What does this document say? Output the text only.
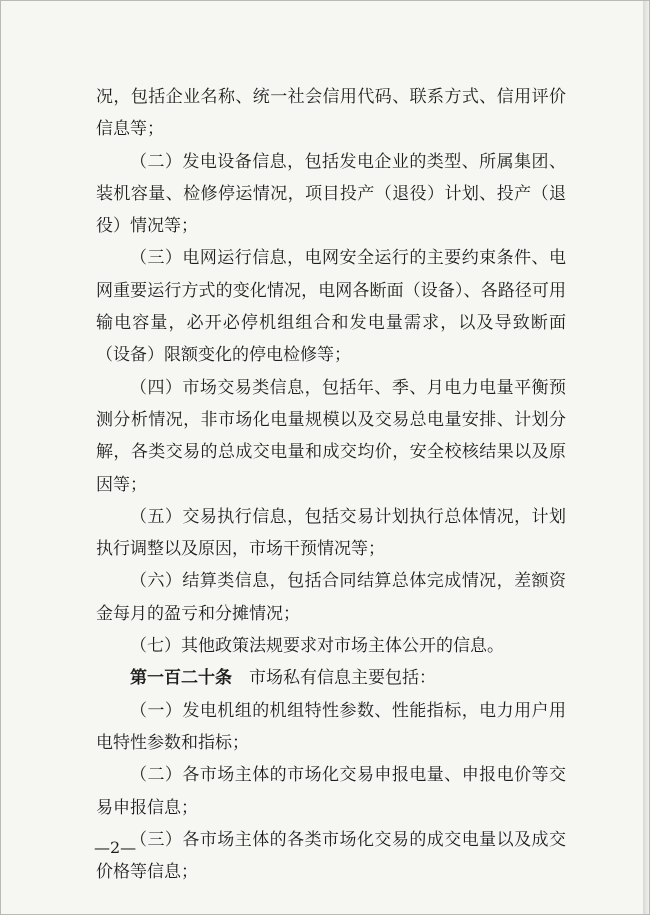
况，包括企业名称、统一社会信用代码、联系方式、信用评价信息等；

（二）发电设备信息，包括发电企业的类型、所属集团、装机容量、检修停运情况，项目投产（退役）计划、投产（退役）情况等；

（三）电网运行信息，电网安全运行的主要约束条件、电网重要运行方式的变化情况，电网各断面（设备）、各路径可用输电容量，必开必停机组组合和发电量需求，以及导致断面（设备）限额变化的停电检修等；

（四）市场交易类信息，包括年、季、月电力电量平衡预测分析情况，非市场化电量规模以及交易总电量安排、计划分解，各类交易的总成交电量和成交均价，安全校核结果以及原因等；

（五）交易执行信息，包括交易计划执行总体情况，计划执行调整以及原因，市场干预情况等；

（六）结算类信息，包括合同结算总体完成情况，差额资金每月的盈亏和分摊情况；

（七）其他政策法规要求对市场主体公开的信息。

第一百二十条　市场私有信息主要包括：

（一）发电机组的机组特性参数、性能指标，电力用户用电特性参数和指标；

（二）各市场主体的市场化交易申报电量、申报电价等交易申报信息；

（三）各市场主体的各类市场化交易的成交电量以及成交价格等信息；

—2—
